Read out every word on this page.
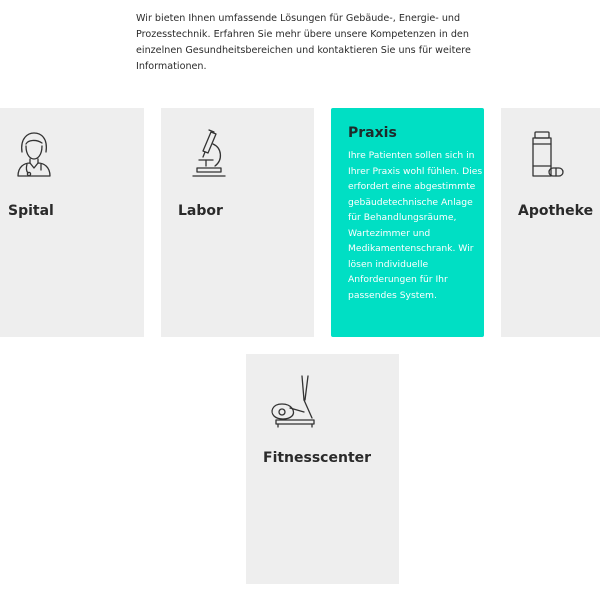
Wir bieten Ihnen umfassende Lösungen für Gebäude-, Energie- und Prozesstechnik. Erfahren Sie mehr übere unsere Kompetenzen in den einzelnen Gesundheitsbereichen und kontaktieren Sie uns für weitere Informationen.

Spital	Labor
Praxis

Ihre Patienten sollen sich in Ihrer Praxis wohl fühlen. Dies erfordert eine abgestimmte gebäudetechnische Anlage für Behandlungsräume, Wartezimmer und Medikamentenschrank. Wir lösen individuelle Anforderungen für Ihr passendes System.

Apotheke
Fitnesscenter
